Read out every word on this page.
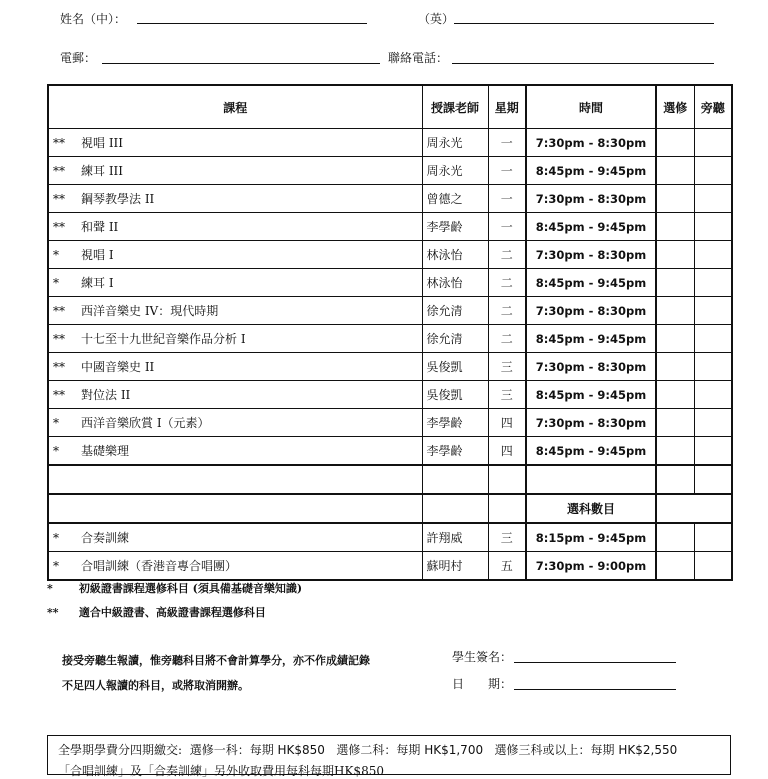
姓名（中）：	（英）
電郵：	聯絡電話：
課程	授課老師	星期	時間	選修	旁聽
** 視唱 III	周永光	一	7:30pm - 8:30pm		
** 練耳 III	周永光	一	8:45pm - 9:45pm		
** 鋼琴教學法 II	曾德之	一	7:30pm - 8:30pm		
** 和聲 II	李學齡	一	8:45pm - 9:45pm		
* 視唱 I	林泳怡	二	7:30pm - 8:30pm		
* 練耳 I	林泳怡	二	8:45pm - 9:45pm		
** 西洋音樂史 IV：現代時期	徐允清	二	7:30pm - 8:30pm		
** 十七至十九世紀音樂作品分析 I	徐允清	二	8:45pm - 9:45pm		
** 中國音樂史 II	吳俊凱	三	7:30pm - 8:30pm		
** 對位法 II	吳俊凱	三	8:45pm - 9:45pm		
* 西洋音樂欣賞 I（元素）	李學齡	四	7:30pm - 8:30pm		
* 基礎樂理	李學齡	四	8:45pm - 9:45pm		

			選科數目		
* 合奏訓練	許翔威	三	8:15pm - 9:45pm		
* 合唱訓練（香港音專合唱團）	蘇明村	五	7:30pm - 9:00pm		
* 初級證書課程選修科目 (須具備基礎音樂知識)
** 適合中級證書、高級證書課程選修科目
接受旁聽生報讀，惟旁聽科目將不會計算學分，亦不作成績記錄
不足四人報讀的科目，或將取消開辦。
學生簽名：
日　　期：
全學期學費分四期繳交: 選修一科：每期 HK$850 選修二科：每期 HK$1,700 選修三科或以上：每期 HK$2,550
「合唱訓練」及「合奏訓練」另外收取費用每科每期HK$850
